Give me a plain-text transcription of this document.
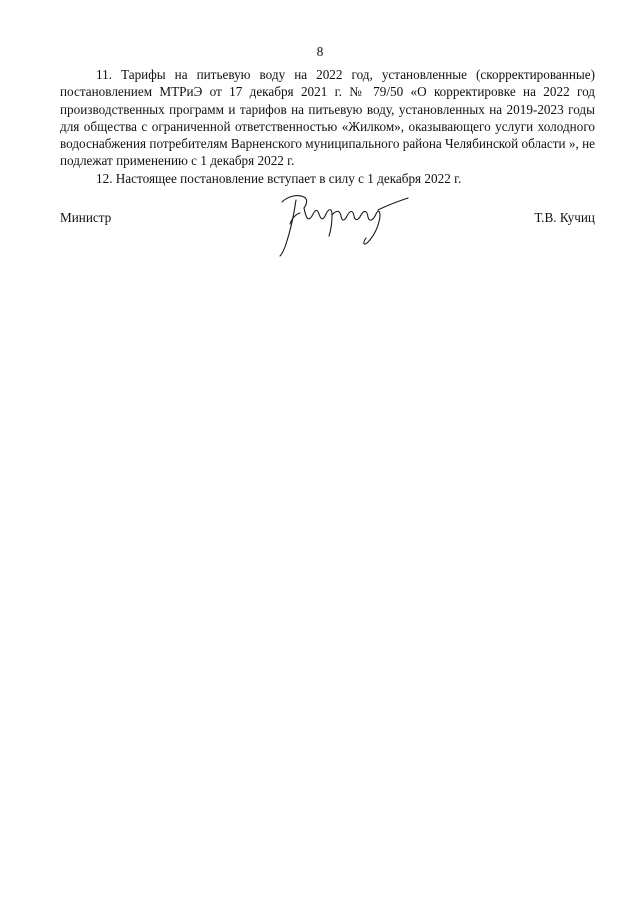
8

11. Тарифы на питьевую воду на 2022 год, установленные (скорректированные) постановлением МТРиЭ от 17 декабря 2021 г. № 79/50 «О корректировке на 2022 год производственных программ и тарифов на питьевую воду, установленных на 2019-2023 годы для общества с ограниченной ответственностью «Жилком», оказывающего услуги холодного водоснабжения потребителям Варненского муниципального района Челябинской области », не подлежат применению с 1 декабря 2022 г.

12. Настоящее постановление вступает в силу с 1 декабря 2022 г.

Министр	Т.В. Кучиц
